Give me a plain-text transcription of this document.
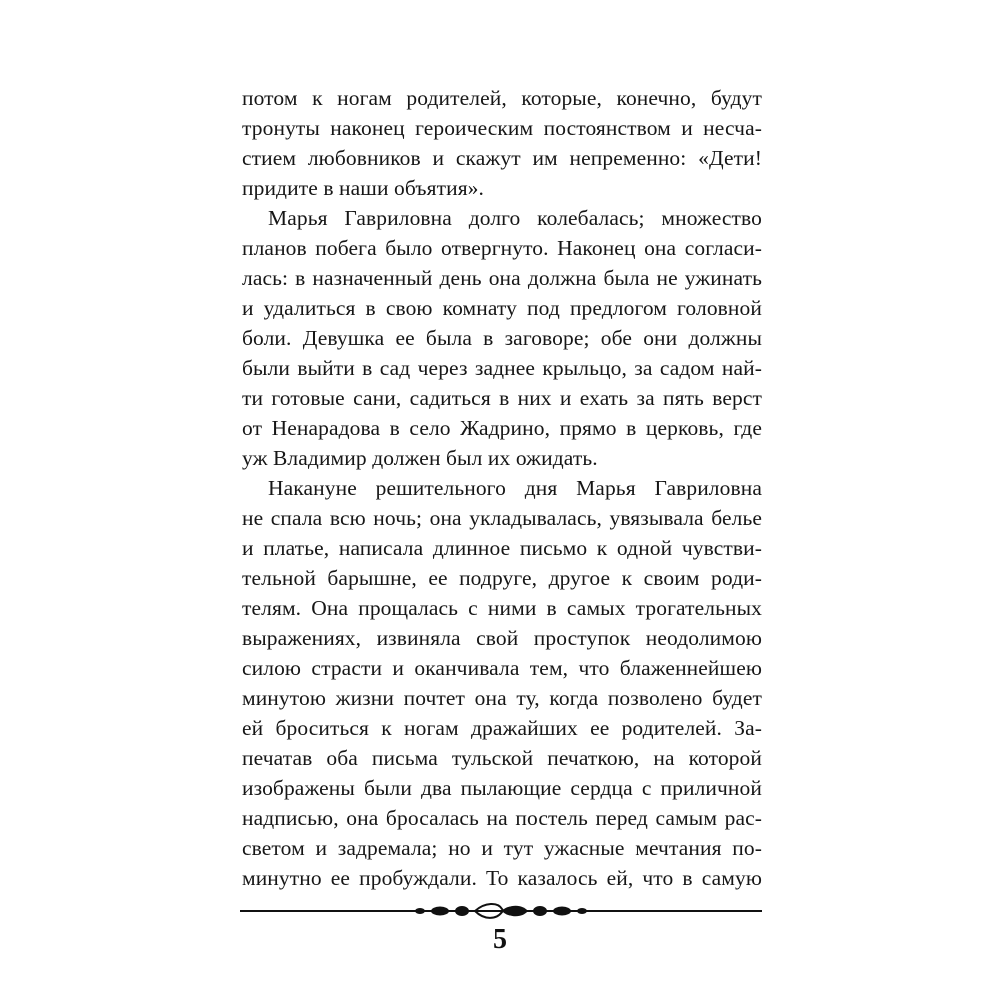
потом к ногам родителей, которые, конечно, будут
тронуты наконец героическим постоянством и несча-
стием любовников и скажут им непременно: «Дети!
придите в наши объятия».
Марья Гавриловна долго колебалась; множество
планов побега было отвергнуто. Наконец она согласи-
лась: в назначенный день она должна была не ужинать
и удалиться в свою комнату под предлогом головной
боли. Девушка ее была в заговоре; обе они должны
были выйти в сад через заднее крыльцо, за садом най-
ти готовые сани, садиться в них и ехать за пять верст
от Ненарадова в село Жадрино, прямо в церковь, где
уж Владимир должен был их ожидать.
Накануне решительного дня Марья Гавриловна
не спала всю ночь; она укладывалась, увязывала белье
и платье, написала длинное письмо к одной чувстви-
тельной барышне, ее подруге, другое к своим роди-
телям. Она прощалась с ними в самых трогательных
выражениях, извиняла свой проступок неодолимою
силою страсти и оканчивала тем, что блаженнейшею
минутою жизни почтет она ту, когда позволено будет
ей броситься к ногам дражайших ее родителей. За-
печатав оба письма тульской печаткою, на которой
изображены были два пылающие сердца с приличной
надписью, она бросалась на постель перед самым рас-
светом и задремала; но и тут ужасные мечтания по-
минутно ее пробуждали. То казалось ей, что в самую
5
